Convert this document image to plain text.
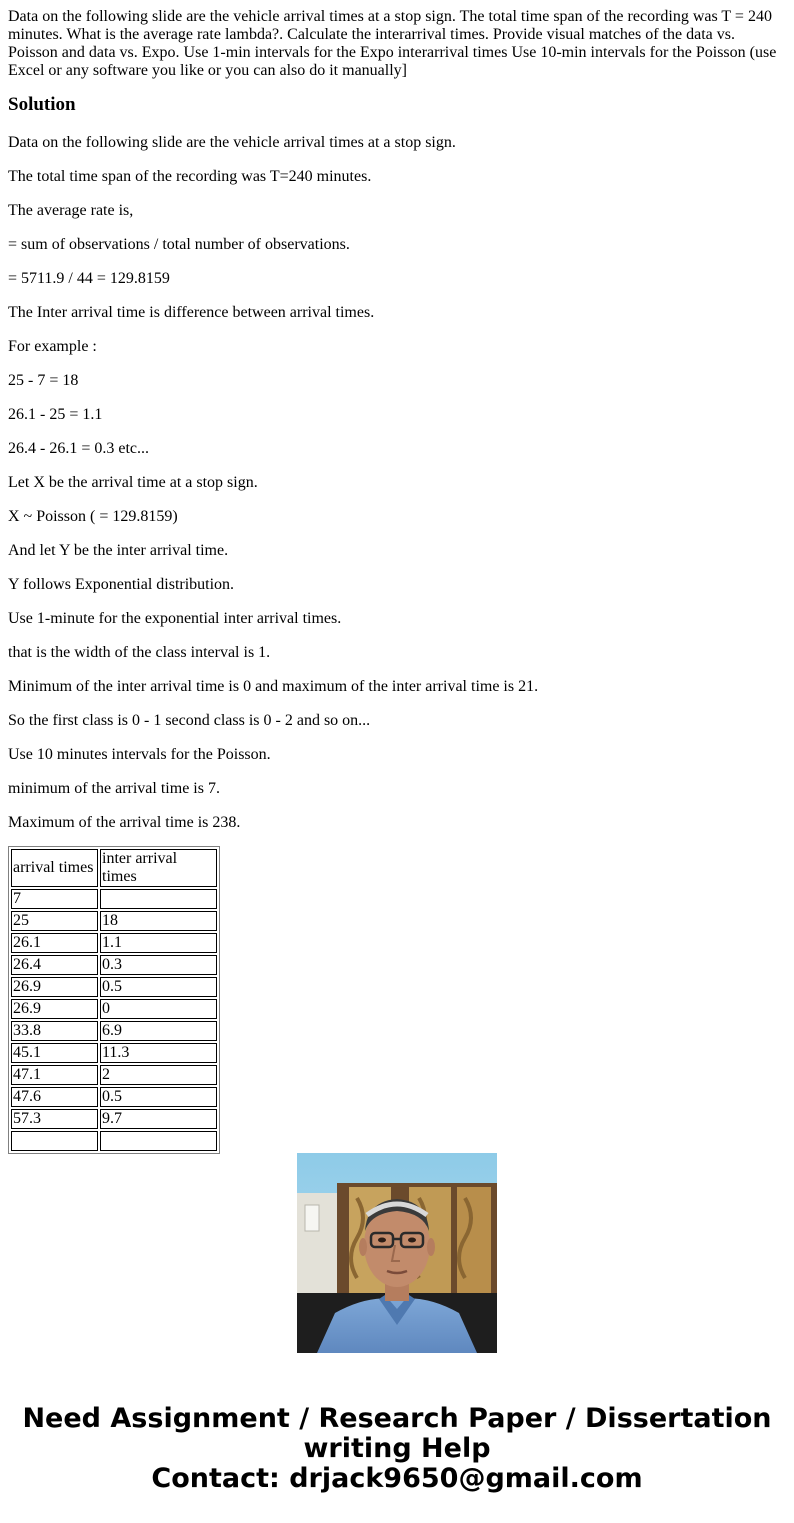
Data on the following slide are the vehicle arrival times at a stop sign. The total time span of the recording was T = 240 minutes. What is the average rate lambda?. Calculate the interarrival times. Provide visual matches of the data vs. Poisson and data vs. Expo. Use 1-min intervals for the Expo interarrival times Use 10-min intervals for the Poisson (use Excel or any software you like or you can also do it manually]
Solution
Data on the following slide are the vehicle arrival times at a stop sign.
The total time span of the recording was T=240 minutes.
The average rate is,
= sum of observations / total number of observations.
= 5711.9 / 44 = 129.8159
The Inter arrival time is difference between arrival times.
For example :
25 - 7 = 18
26.1 - 25 = 1.1
26.4 - 26.1 = 0.3 etc...
Let X be the arrival time at a stop sign.
X ~ Poisson ( = 129.8159)
And let Y be the inter arrival time.
Y follows Exponential distribution.
Use 1-minute for the exponential inter arrival times.
that is the width of the class interval is 1.
Minimum of the inter arrival time is 0 and maximum of the inter arrival time is 21.
So the first class is 0 - 1 second class is 0 - 2 and so on...
Use 10 minutes intervals for the Poisson.
minimum of the arrival time is 7.
Maximum of the arrival time is 238.
arrival times	inter arrival times
7	
25	18
26.1	1.1
26.4	0.3
26.9	0.5
26.9	0
33.8	6.9
45.1	11.3
47.1	2
47.6	0.5
57.3	9.7

Need Assignment / Research Paper / Dissertation
writing Help
Contact: drjack9650@gmail.com
